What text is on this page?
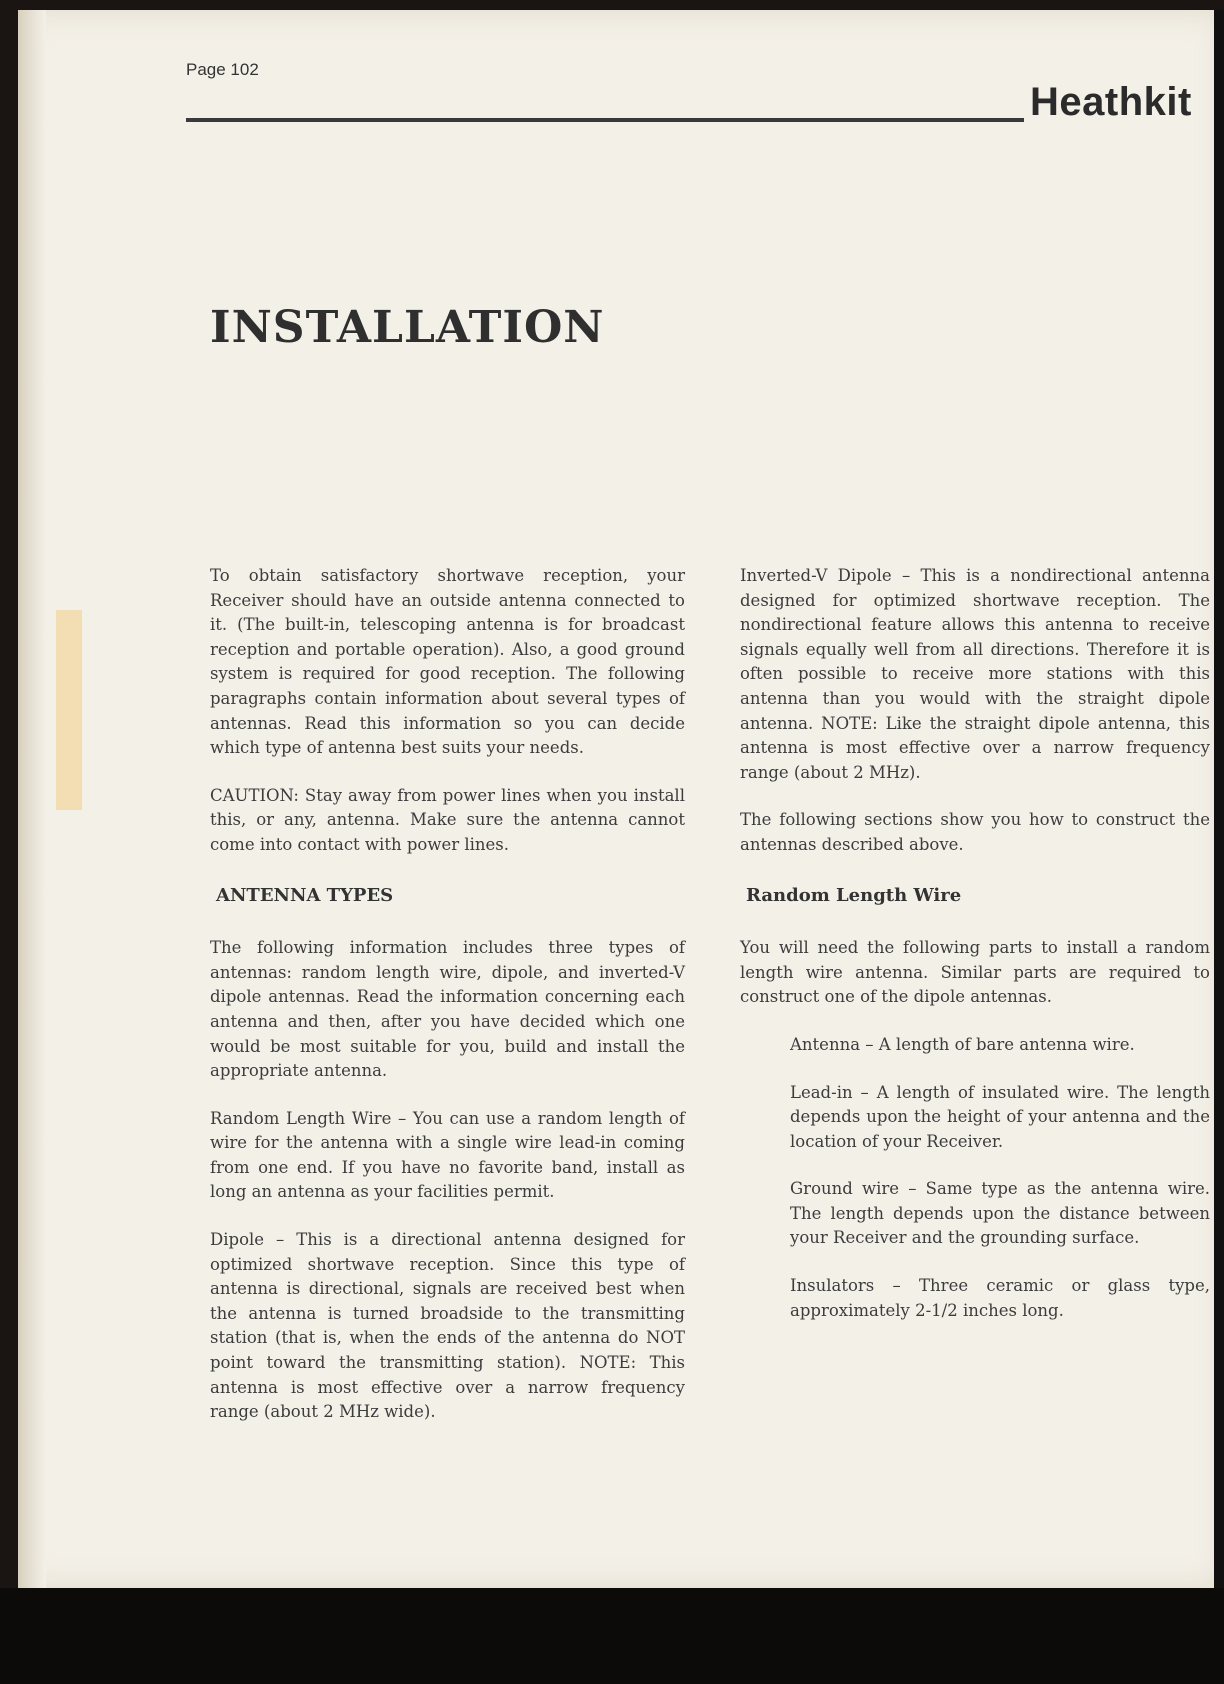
Page 102
Heathkit
INSTALLATION

To obtain satisfactory shortwave reception, your Receiver should have an outside antenna connected to it. (The built-in, telescoping antenna is for broadcast reception and portable operation). Also, a good ground system is required for good reception. The following paragraphs contain information about several types of antennas. Read this information so you can decide which type of antenna best suits your needs.

CAUTION: Stay away from power lines when you install this, or any, antenna. Make sure the antenna cannot come into contact with power lines.

ANTENNA TYPES

The following information includes three types of antennas: random length wire, dipole, and inverted-V dipole antennas. Read the information concerning each antenna and then, after you have decided which one would be most suitable for you, build and install the appropriate antenna.

Random Length Wire – You can use a random length of wire for the antenna with a single wire lead-in coming from one end. If you have no favorite band, install as long an antenna as your facilities permit.

Dipole – This is a directional antenna designed for optimized shortwave reception. Since this type of antenna is directional, signals are received best when the antenna is turned broadside to the transmitting station (that is, when the ends of the antenna do NOT point toward the transmitting station). NOTE: This antenna is most effective over a narrow frequency range (about 2 MHz wide).

Inverted-V Dipole – This is a nondirectional antenna designed for optimized shortwave reception. The nondirectional feature allows this antenna to receive signals equally well from all directions. Therefore it is often possible to receive more stations with this antenna than you would with the straight dipole antenna. NOTE: Like the straight dipole antenna, this antenna is most effective over a narrow frequency range (about 2 MHz).

The following sections show you how to construct the antennas described above.

Random Length Wire

You will need the following parts to install a random length wire antenna. Similar parts are required to construct one of the dipole antennas.

Antenna – A length of bare antenna wire.

Lead-in – A length of insulated wire. The length depends upon the height of your antenna and the location of your Receiver.

Ground wire – Same type as the antenna wire. The length depends upon the distance between your Receiver and the grounding surface.

Insulators – Three ceramic or glass type, approximately 2-1/2 inches long.
